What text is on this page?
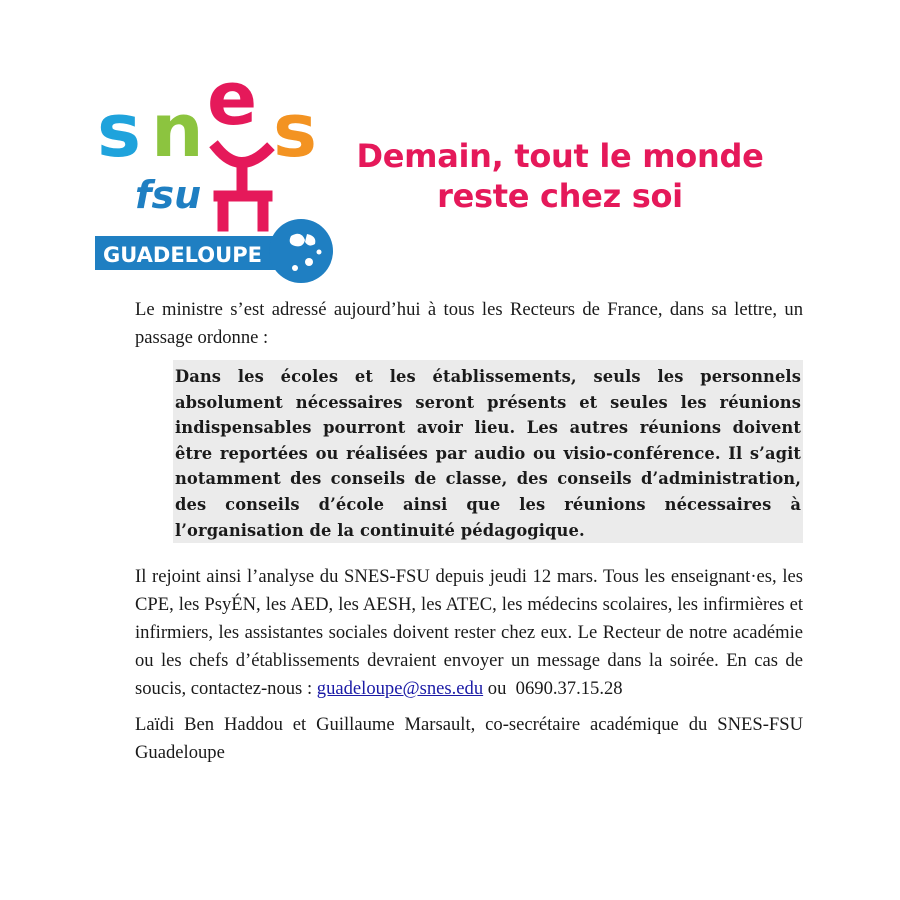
s n e s
fsu
GUADELOUPE
Demain, tout le monde
reste chez soi

Le ministre s’est adressé aujourd’hui à tous les Recteurs de France, dans sa lettre, un passage ordonne :

Dans les écoles et les établissements, seuls les personnels absolument nécessaires seront présents et seules les réunions indispensables pourront avoir lieu. Les autres réunions doivent être reportées ou réalisées par audio ou visio-conférence. Il s’agit notamment des conseils de classe, des conseils d’administration, des conseils d’école ainsi que les réunions nécessaires à l’organisation de la continuité pédagogique.

Il rejoint ainsi l’analyse du SNES-FSU depuis jeudi 12 mars. Tous les enseignant·es, les CPE, les PsyÉN, les AED, les AESH, les ATEC, les médecins scolaires, les infirmières et infirmiers, les assistantes sociales doivent rester chez eux. Le Recteur de notre académie ou les chefs d’établissements devraient envoyer un message dans la soirée. En cas de soucis, contactez-nous : guadeloupe@snes.edu ou  0690.37.15.28

Laïdi Ben Haddou et Guillaume Marsault, co-secrétaire académique du SNES-FSU Guadeloupe
